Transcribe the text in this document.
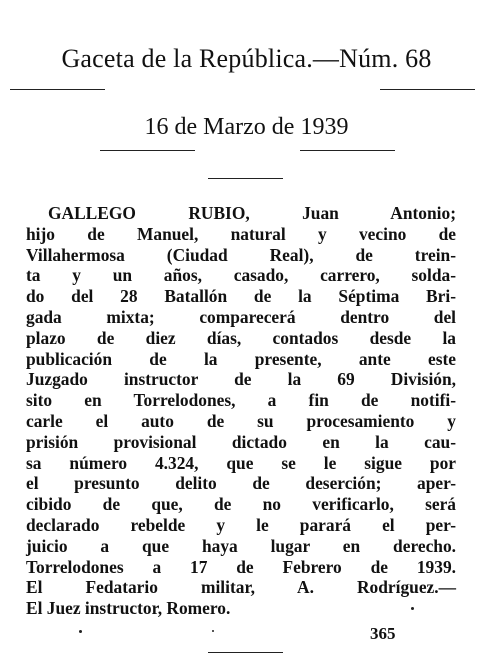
Gaceta de la República.—Núm. 68
16 de Marzo de 1939
GALLEGO RUBIO, Juan Antonio;
hijo de Manuel, natural y vecino de
Villahermosa (Ciudad Real), de trein-
ta y un años, casado, carrero, solda-
do del 28 Batallón de la Séptima Bri-
gada mixta; comparecerá dentro del
plazo de diez días, contados desde la
publicación de la presente, ante este
Juzgado instructor de la 69 División,
sito en Torrelodones, a fin de notifi-
carle el auto de su procesamiento y
prisión provisional dictado en la cau-
sa número 4.324, que se le sigue por
el presunto delito de deserción; aper-
cibido de que, de no verificarlo, será
declarado rebelde y le parará el per-
juicio a que haya lugar en derecho.
Torrelodones a 17 de Febrero de 1939.
El Fedatario militar, A. Rodríguez.—
El Juez instructor, Romero.
365
